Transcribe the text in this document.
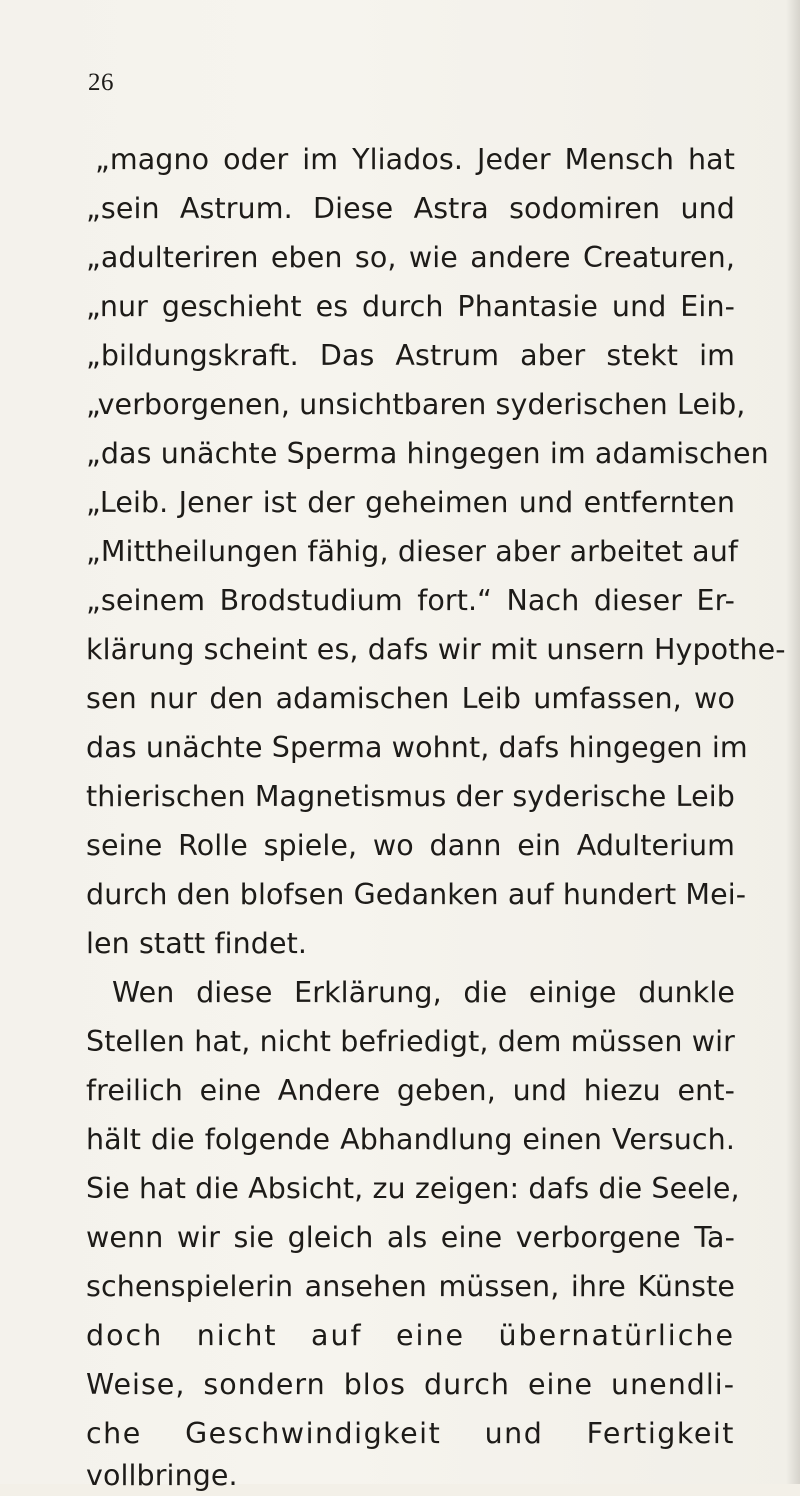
26
„magno oder im Yliados. Jeder Mensch hat
„sein Astrum. Diese Astra sodomiren und
„adulteriren eben so, wie andere Creaturen,
„nur geschieht es durch Phantasie und Ein-
„bildungskraft. Das Astrum aber stekt im
„verborgenen, unsichtbaren syderischen Leib,
„das unächte Sperma hingegen im adamischen
„Leib. Jener ist der geheimen und entfernten
„Mittheilungen fähig, dieser aber arbeitet auf
„seinem Brodstudium fort.“ Nach dieser Er-
klärung scheint es, dafs wir mit unsern Hypothe-
sen nur den adamischen Leib umfassen, wo
das unächte Sperma wohnt, dafs hingegen im
thierischen Magnetismus der syderische Leib
seine Rolle spiele, wo dann ein Adulterium
durch den blofsen Gedanken auf hundert Mei-
len statt findet.
Wen diese Erklärung, die einige dunkle
Stellen hat, nicht befriedigt, dem müssen wir
freilich eine Andere geben, und hiezu ent-
hält die folgende Abhandlung einen Versuch.
Sie hat die Absicht, zu zeigen: dafs die Seele,
wenn wir sie gleich als eine verborgene Ta-
schenspielerin ansehen müssen, ihre Künste
doch nicht auf eine übernatürliche
Weise, sondern blos durch eine unendli-
che Geschwindigkeit und Fertigkeit
vollbringe.
